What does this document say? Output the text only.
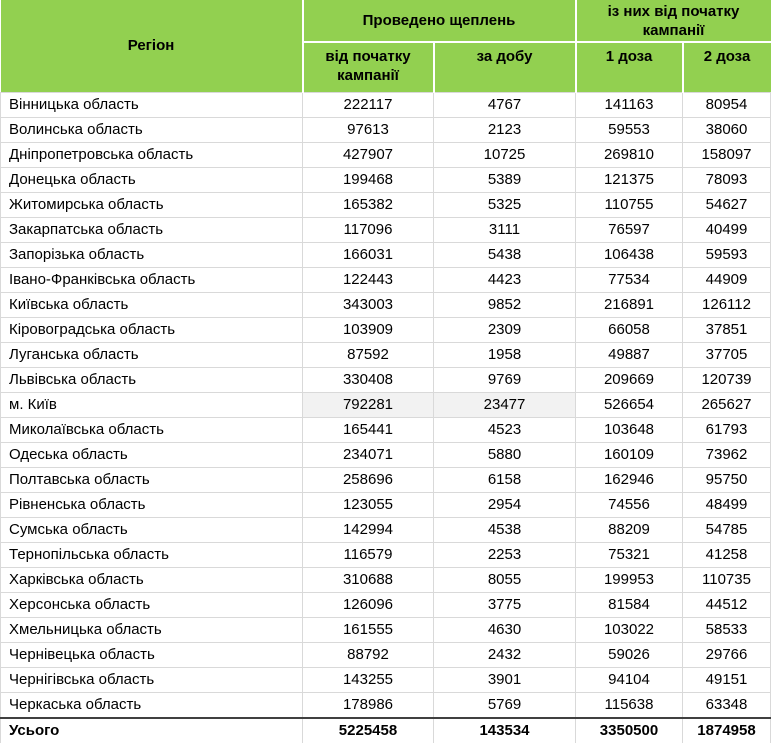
Регіон	Проведено щеплень		із них від початку кампанії	
	від початку кампанії	за добу	1 доза	2 доза
Вінницька область	222117	4767	141163	80954
Волинська область	97613	2123	59553	38060
Дніпропетровська область	427907	10725	269810	158097
Донецька область	199468	5389	121375	78093
Житомирська область	165382	5325	110755	54627
Закарпатська область	117096	3111	76597	40499
Запорізька область	166031	5438	106438	59593
Івано-Франківська область	122443	4423	77534	44909
Київська область	343003	9852	216891	126112
Кіровоградська область	103909	2309	66058	37851
Луганська область	87592	1958	49887	37705
Львівська область	330408	9769	209669	120739
м. Київ	792281	23477	526654	265627
Миколаївська область	165441	4523	103648	61793
Одеська область	234071	5880	160109	73962
Полтавська область	258696	6158	162946	95750
Рівненська область	123055	2954	74556	48499
Сумська область	142994	4538	88209	54785
Тернопільська область	116579	2253	75321	41258
Харківська область	310688	8055	199953	110735
Херсонська область	126096	3775	81584	44512
Хмельницька область	161555	4630	103022	58533
Чернівецька область	88792	2432	59026	29766
Чернігівська область	143255	3901	94104	49151
Черкаська область	178986	5769	115638	63348
Усього	5225458	143534	3350500	1874958
